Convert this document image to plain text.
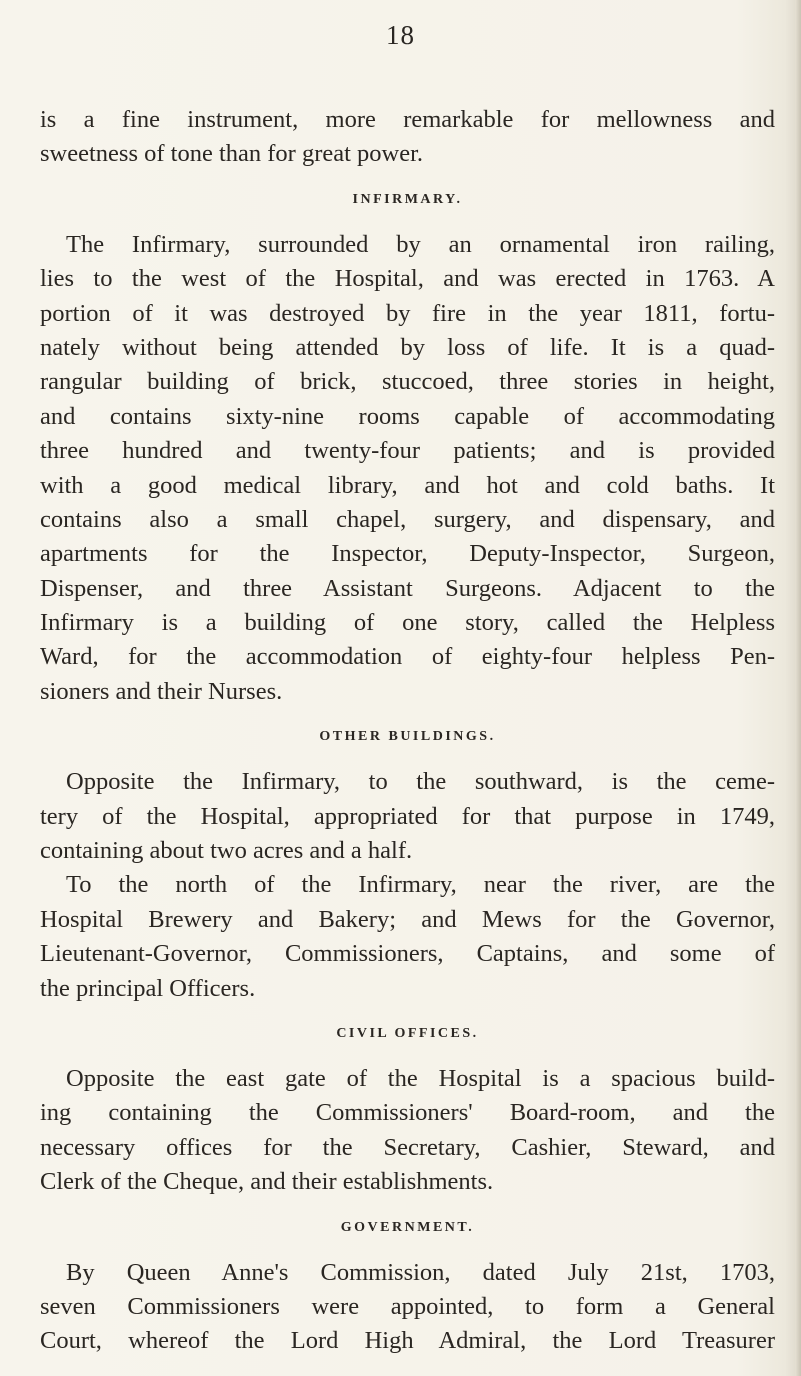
18
is a fine instrument, more remarkable for mellowness and
sweetness of tone than for great power.
INFIRMARY.
The Infirmary, surrounded by an ornamental iron railing,
lies to the west of the Hospital, and was erected in 1763. A
portion of it was destroyed by fire in the year 1811, fortu-
nately without being attended by loss of life. It is a quad-
rangular building of brick, stuccoed, three stories in height,
and contains sixty-nine rooms capable of accommodating
three hundred and twenty-four patients; and is provided
with a good medical library, and hot and cold baths. It
contains also a small chapel, surgery, and dispensary, and
apartments for the Inspector, Deputy-Inspector, Surgeon,
Dispenser, and three Assistant Surgeons. Adjacent to the
Infirmary is a building of one story, called the Helpless
Ward, for the accommodation of eighty-four helpless Pen-
sioners and their Nurses.
OTHER BUILDINGS.
Opposite the Infirmary, to the southward, is the ceme-
tery of the Hospital, appropriated for that purpose in 1749,
containing about two acres and a half.
To the north of the Infirmary, near the river, are the
Hospital Brewery and Bakery; and Mews for the Governor,
Lieutenant-Governor, Commissioners, Captains, and some of
the principal Officers.
CIVIL OFFICES.
Opposite the east gate of the Hospital is a spacious build-
ing containing the Commissioners' Board-room, and the
necessary offices for the Secretary, Cashier, Steward, and
Clerk of the Cheque, and their establishments.
GOVERNMENT.
By Queen Anne's Commission, dated July 21st, 1703,
seven Commissioners were appointed, to form a General
Court, whereof the Lord High Admiral, the Lord Treasurer
